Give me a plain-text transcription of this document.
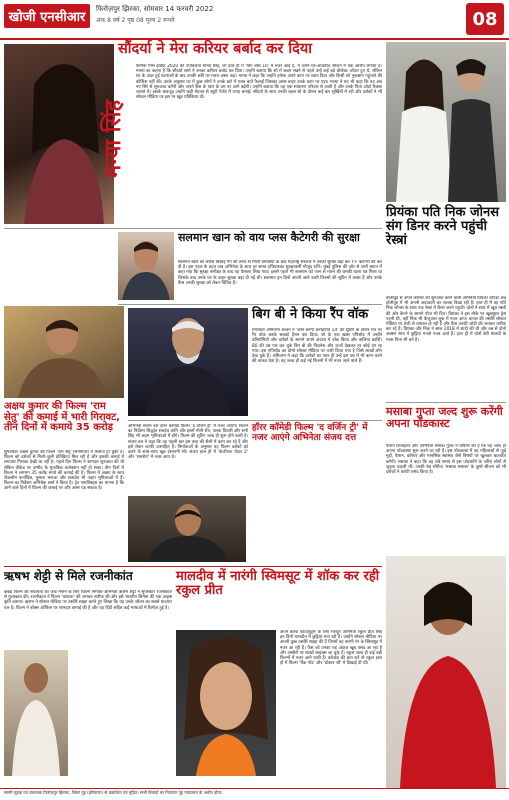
खोजी एनसीआर
फिरोज़पुर झिरका, सोमवार 14 फरवरी 2022
अंक 8 वर्ष 2 पृष्ठ 08 मूल्य 2 रूपये	08
सौंदर्या ने मेरा करियर बर्बाद कर दिया
मन्या सिंह
फेमिना मिस इंडिया 2020 की उपविजेता मान्या सिंह, जो हाल ही में 'बिग बॉस 16' में नज़र आई हैं, ने अपने घर-आधारित सीजन में एक आरोप लगाया है। मान्या का कहना है कि सौंदर्या शर्मा ने उनका करियर बर्बाद कर दिया। उन्होंने बताया कि शो में कदम रखने से पहले उन्हें कई बड़े प्रोजेक्ट ऑफर हुए थे, लेकिन घर के अंदर हुई घटनाओं के बाद उनकी छवि पर गलत असर पड़ा। मान्या ने कहा कि उन्होंने हमेशा अपने काम पर ध्यान दिया और किसी को नुकसान पहुंचाने की कोशिश नहीं की। उनके अनुसार घर में कुछ लोगों ने उनके बारे में गलत बातें फैलाईं जिसका असर बाहर उनके काम पर पड़ा। मान्या ने यह भी कहा कि वह अब नए सिरे से शुरुआत करेंगी और अपने फैंस के प्यार के दम पर आगे बढ़ेंगी। उन्होंने बताया कि वह एक साधारण परिवार से आती हैं और उनके पिता ऑटो रिक्शा चलाते थे। इसके बावजूद उन्होंने कड़ी मेहनत से ब्यूटी पेजेंट में जगह बनाई। सौंदर्या के साथ उनकी बहस शो के दौरान कई बार सुर्खियों में रही और दर्शकों ने भी सोशल मीडिया पर इस पर खूब प्रतिक्रिया दी।
प्रियंका पति निक जोनस संग डिनर करने पहुंची रेस्त्रां
बॉलीवुड से अपने करियर की शुरुआत करने वाली अभिनेत्री प्रियंका चोपड़ा अब हॉलीवुड में भी अपनी अदाकारी का जलवा दिखा रही हैं। हाल ही में वह पति निक जोनस के साथ एक रेस्त्रां में डिनर करने पहुंचीं। दोनों ने साथ में खूब मस्ती की और कैमरे के सामने पोज भी दिए। प्रियंका ने इस मौके पर खूबसूरत ड्रेस पहनी थी, वहीं निक भी कैजुअल लुक में नजर आए। कपल की तस्वीरें सोशल मीडिया पर तेजी से वायरल हो रही हैं और फैंस उनकी जोड़ी की जमकर तारीफ कर रहे हैं। प्रियंका और निक ने साल 2018 में शादी की थी और तब से दोनों अक्सर साथ में छुट्टियां मनाते नजर आते हैं। हाल ही में दोनों बेटी मालती के माता-पिता भी बने हैं।
सलमान खान को वाय प्लस कैटेगरी की सुरक्षा
सलमान खान को लॉरेंस बिश्नोई गैंग की तरफ से मिली धमकियों के बाद महाराष्ट्र सरकार ने उनकी सुरक्षा बढ़ा कर Y+ कैटेगरी की कर दी है। इस पहल के तहत अब अभिनेता के साथ हर समय हथियारबंद सुरक्षाकर्मी मौजूद रहेंगे। मुंबई पुलिस की ओर से जारी बयान में कहा गया कि सुरक्षा समीक्षा के बाद यह फैसला लिया गया। इससे पहले भी सलमान को जान से मारने की धमकी वाला पत्र मिला था जिसके बाद उनके घर के बाहर सुरक्षा बढ़ा दी गई थी। सलमान इन दिनों अपनी आने वाली फिल्मों की शूटिंग में व्यस्त हैं और उनके फैंस उनकी सुरक्षा को लेकर चिंतित हैं।
बिग बी ने किया रैंप वॉक
मेगास्टार अमिताभ बच्चन ने 'कौन बनेगा करोड़पति 14' की शूटिंग के दौरान मंच पर रैंप वॉक करके सबको हैरान कर दिया। शो के एक खास एपिसोड में उन्होंने प्रतियोगियों और दर्शकों के सामने अपने अंदाज में वॉक किया और तालियां बटोरीं। 80 की उम्र पार कर चुके बिग बी की फिटनेस और ऊर्जा देखकर हर कोई दंग रह गया। इस एपिसोड का प्रोमो सोशल मीडिया पर जारी किया गया है जिसे लाखों लोग देख चुके हैं। अमिताभ ने कहा कि दर्शकों का प्यार ही उन्हें इस उम्र में भी काम करने की ताकत देता है। वह जल्द ही कई नई फिल्मों में भी नजर आने वाले हैं।
अक्षय कुमार की फिल्म 'राम सेतु' की कमाई में भारी गिरावट, तीन दिनों में कमाये 35 करोड़
सुपरस्टार अक्षय कुमार की फिल्म 'राम सेतु' सिनेमाघरों में रिलीज हो चुकी है। फिल्म को दर्शकों से मिली-जुली प्रतिक्रिया मिल रही है और इसकी कमाई में लगातार गिरावट देखी जा रही है। पहले दिन फिल्म ने शानदार शुरुआत की थी लेकिन वीकेंड पर उम्मीद के मुताबिक कलेक्शन नहीं हो सका। तीन दिनों में फिल्म ने लगभग 35 करोड़ रुपये की कमाई की है। फिल्म में अक्षय के साथ जैकलीन फर्नांडिस, नुसरत भरूचा और सत्यदेव भी अहम भूमिकाओं में हैं। फिल्म का निर्देशन अभिषेक शर्मा ने किया है। ट्रेड एनालिस्ट्स का मानना है कि आने वाले दिनों में फिल्म की कमाई पर और असर पड़ सकता है।
हॉरर कॉमेडी फिल्म 'द वर्जिन ट्री' में नजर आएंगे अभिनेता संजय दत्त
अभिनेता संजय दत्त हॉरर कॉमेडी फिल्म 'द वर्जिन ट्री' में नजर आएंगे। फिल्म का निर्देशन सिद्धांत सचदेव करेंगे और इसमें मौनी रॉय, पलक तिवारी और सनी सिंह भी अहम भूमिकाओं में होंगे। फिल्म की शूटिंग जल्द ही शुरू होने वाली है। संजय दत्त ने कहा कि वह पहली बार इस तरह की शैली में काम कर रहे हैं और इसे लेकर काफी उत्साहित हैं। निर्माताओं के अनुसार यह फिल्म दर्शकों को डराने के साथ-साथ खूब हंसाएगी भी। संजय हाल ही में 'केजीएफ चैप्टर 2' और 'शमशेरा' में नजर आए थे।
मसाबा गुप्ता जल्द शुरू करेंगी अपना पॉडकास्ट
फैशन डिजाइनर और अभिनेत्री मसाबा गुप्ता ने घोषणा की है कि वह जल्द ही अपना पॉडकास्ट शुरू करने जा रही हैं। इस पॉडकास्ट में वह महिलाओं से जुड़े मुद्दों, फैशन, करियर और मानसिक स्वास्थ्य जैसे विषयों पर खुलकर बातचीत करेंगी। मसाबा ने कहा कि वह लंबे समय से इस प्लेटफॉर्म के जरिए लोगों से जुड़ना चाहती थीं। उनकी वेब सीरीज 'मसाबा मसाबा' के दूसरे सीजन को भी दर्शकों ने काफी पसंद किया है।
ऋषभ शेट्टी से मिले रजनीकांत
कन्नड़ फिल्म की सफलता का जश्न मनाने के लिए फिल्म निर्माता-अभिनेता ऋषभ शेट्टी ने सुपरस्टार रजनीकांत से मुलाकात की। रजनीकांत ने फिल्म 'कांतारा' की जमकर तारीफ की और इसे भारतीय सिनेमा की एक उत्कृष्ट कृति बताया। ऋषभ ने सोशल मीडिया पर तस्वीरें साझा करते हुए लिखा कि यह उनके जीवन का सबसे यादगार पल है। फिल्म ने बॉक्स ऑफिस पर शानदार कमाई की है और यह हिंदी सहित कई भाषाओं में रिलीज हुई है।
मालदीव में नारंगी स्विमसूट में शॉक कर रही रकुल प्रीत
अपने बोल्ड फोटोशूट्स के लिए मशहूर अभिनेत्री रकुल प्रीत सिंह इन दिनों मालदीव में छुट्टियां मना रही हैं। उन्होंने सोशल मीडिया पर अपनी कुछ तस्वीरें साझा की हैं जिनमें वह नारंगी रंग के स्विमसूट में नजर आ रही हैं। फैंस को उनका यह अंदाज खूब पसंद आ रहा है और तस्वीरों पर लाखों लाइक्स आ चुके हैं। रकुल जल्द ही कई बड़ी फिल्मों में नजर आने वाली हैं। वर्कफ्रंट की बात करें तो रकुल हाल ही में फिल्म 'थैंक गॉड' और 'डॉक्टर जी' में दिखाई दी थीं।
स्वामी मुद्रक एवं प्रकाशक फिरोज़पुर झिरका, जिला नूंह (हरियाणा) से प्रकाशित एवं मुद्रित। सभी विवादों का निपटारा नूंह न्यायालय के अधीन होगा।
